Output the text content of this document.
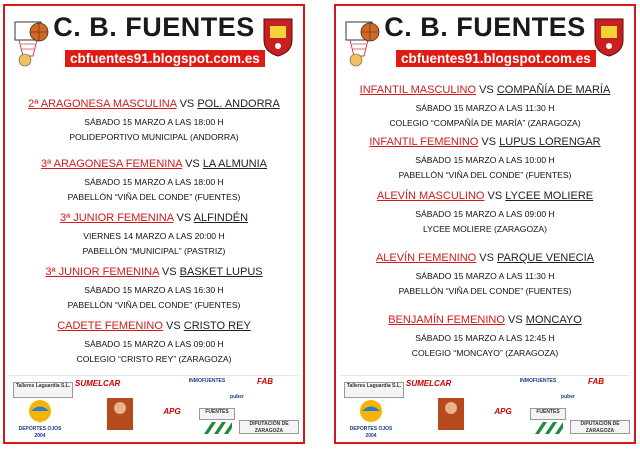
C. B. FUENTES
cbfuentes91.blogspot.com.es
2ª ARAGONESA MASCULINA VS POL. ANDORRA
SÁBADO 15 MARZO A LAS 18:00 H
POLIDEPORTIVO MUNICIPAL (ANDORRA)
3ª ARAGONESA FEMENINA VS LA ALMUNIA
SÁBADO 15 MARZO A LAS 18:00 H
PABELLÓN “VIÑA DEL CONDE” (FUENTES)
3ª JUNIOR FEMENINA VS ALFINDÉN
VIERNES 14 MARZO A LAS 20:00 H
PABELLÓN “MUNICIPAL” (PASTRIZ)
3ª JUNIOR FEMENINA VS BASKET LUPUS
SÁBADO 15 MARZO A LAS 16:30 H
PABELLÓN “VIÑA DEL CONDE” (FUENTES)
CADETE FEMENINO VS CRISTO REY
SÁBADO 15 MARZO A LAS 09:00 H
COLEGIO “CRISTO REY” (ZARAGOZA)
Talleres Laguardia S.L. SUMELCAR	INMOFUENTES	FAB
puber
APG	FUENTES
DIPUTACIÓN DE ZARAGOZA
DEPORTES OJOS 2004
C. B. FUENTES
cbfuentes91.blogspot.com.es
INFANTIL MASCULINO VS COMPAÑÍA DE MARÍA
SÁBADO 15 MARZO A LAS 11:30 H
COLEGIO “COMPAÑÍA DE MARÍA” (ZARAGOZA)
INFANTIL FEMENINO VS LUPUS LORENGAR
SÁBADO 15 MARZO A LAS 10:00 H
PABELLÓN “VIÑA DEL CONDE” (FUENTES)
ALEVÍN MASCULINO VS LYCEE MOLIERE
SÁBADO 15 MARZO A LAS 09:00 H
LYCEE MOLIERE (ZARAGOZA)
ALEVÍN FEMENINO VS PARQUE VENECIA
SÁBADO 15 MARZO A LAS 11:30 H
PABELLÓN “VIÑA DEL CONDE” (FUENTES)
BENJAMÍN FEMENINO VS MONCAYO
SÁBADO 15 MARZO A LAS 12:45 H
COLEGIO “MONCAYO” (ZARAGOZA)
Talleres Laguardia S.L. SUMELCAR	INMOFUENTES	FAB
puber
APG	FUENTES
DIPUTACIÓN DE ZARAGOZA
DEPORTES OJOS 2004
